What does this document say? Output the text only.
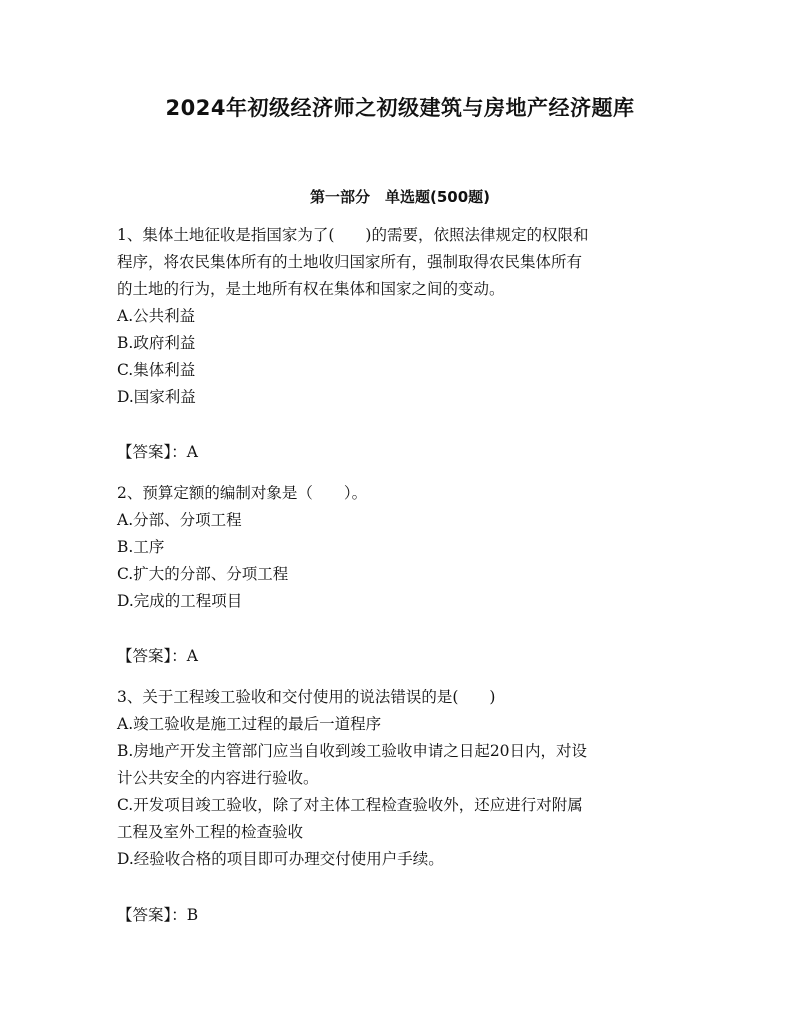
2024年初级经济师之初级建筑与房地产经济题库
第一部分　单选题(500题)
1、集体土地征收是指国家为了(　　)的需要，依照法律规定的权限和
程序，将农民集体所有的土地收归国家所有，强制取得农民集体所有
的土地的行为，是土地所有权在集体和国家之间的变动。
A.公共利益
B.政府利益
C.集体利益
D.国家利益
【答案】：A
2、预算定额的编制对象是（　　）。
A.分部、分项工程
B.工序
C.扩大的分部、分项工程
D.完成的工程项目
【答案】：A
3、关于工程竣工验收和交付使用的说法错误的是(　　)
A.竣工验收是施工过程的最后一道程序
B.房地产开发主管部门应当自收到竣工验收申请之日起20日内，对设
计公共安全的内容进行验收。
C.开发项目竣工验收，除了对主体工程检查验收外，还应进行对附属
工程及室外工程的检查验收
D.经验收合格的项目即可办理交付使用户手续。
【答案】：B
